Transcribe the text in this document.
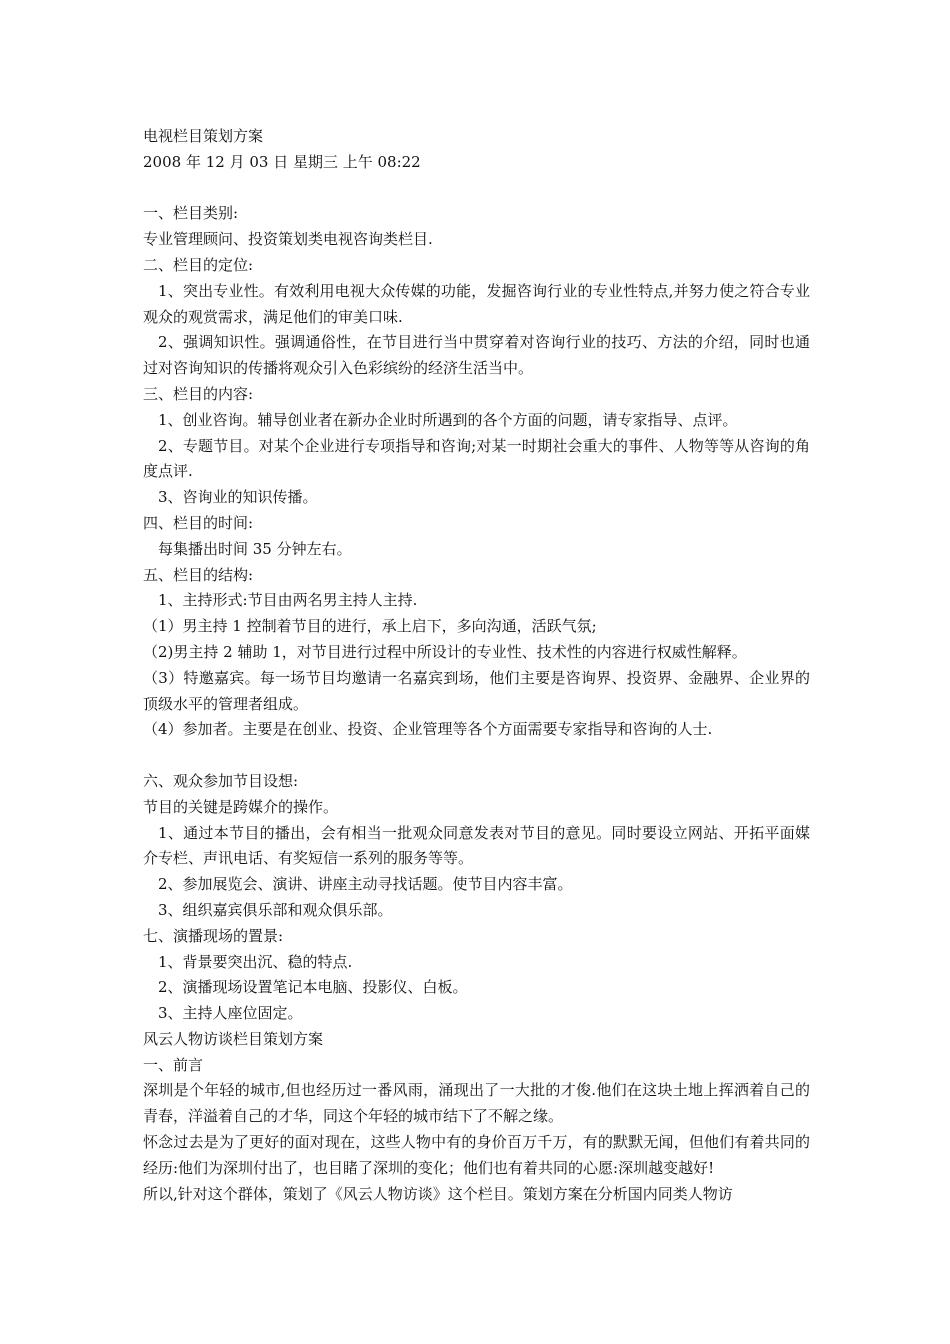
电视栏目策划方案
2008 年 12 月 03 日 星期三 上午 08:22
一、栏目类别:
专业管理顾问、投资策划类电视咨询类栏目.
二、栏目的定位:
1、突出专业性。有效利用电视大众传媒的功能，发掘咨询行业的专业性特点,并努力使之符合专业观众的观赏需求，满足他们的审美口味.
2、强调知识性。强调通俗性，在节目进行当中贯穿着对咨询行业的技巧、方法的介绍，同时也通过对咨询知识的传播将观众引入色彩缤纷的经济生活当中。
三、栏目的内容:
1、创业咨询。辅导创业者在新办企业时所遇到的各个方面的问题，请专家指导、点评。
2、专题节目。对某个企业进行专项指导和咨询;对某一时期社会重大的事件、人物等等从咨询的角度点评.
3、咨询业的知识传播。
四、栏目的时间:
每集播出时间 35 分钟左右。
五、栏目的结构:
1、主持形式:节目由两名男主持人主持.
（1）男主持 1 控制着节目的进行，承上启下，多向沟通，活跃气氛;
（2)男主持 2 辅助 1，对节目进行过程中所设计的专业性、技术性的内容进行权威性解释。
（3）特邀嘉宾。每一场节目均邀请一名嘉宾到场，他们主要是咨询界、投资界、金融界、企业界的顶级水平的管理者组成。
（4）参加者。主要是在创业、投资、企业管理等各个方面需要专家指导和咨询的人士.
六、观众参加节目设想:
节目的关键是跨媒介的操作。
1、通过本节目的播出，会有相当一批观众同意发表对节目的意见。同时要设立网站、开拓平面媒介专栏、声讯电话、有奖短信一系列的服务等等。
2、参加展览会、演讲、讲座主动寻找话题。使节目内容丰富。
3、组织嘉宾俱乐部和观众俱乐部。
七、演播现场的置景:
1、背景要突出沉、稳的特点.
2、演播现场设置笔记本电脑、投影仪、白板。
3、主持人座位固定。
风云人物访谈栏目策划方案
一、前言
深圳是个年轻的城市,但也经历过一番风雨，涌现出了一大批的才俊.他们在这块土地上挥洒着自己的青春，洋溢着自己的才华，同这个年轻的城市结下了不解之缘。
怀念过去是为了更好的面对现在，这些人物中有的身价百万千万，有的默默无闻，但他们有着共同的经历:他们为深圳付出了，也目睹了深圳的变化；他们也有着共同的心愿:深圳越变越好!
所以,针对这个群体，策划了《风云人物访谈》这个栏目。策划方案在分析国内同类人物访
